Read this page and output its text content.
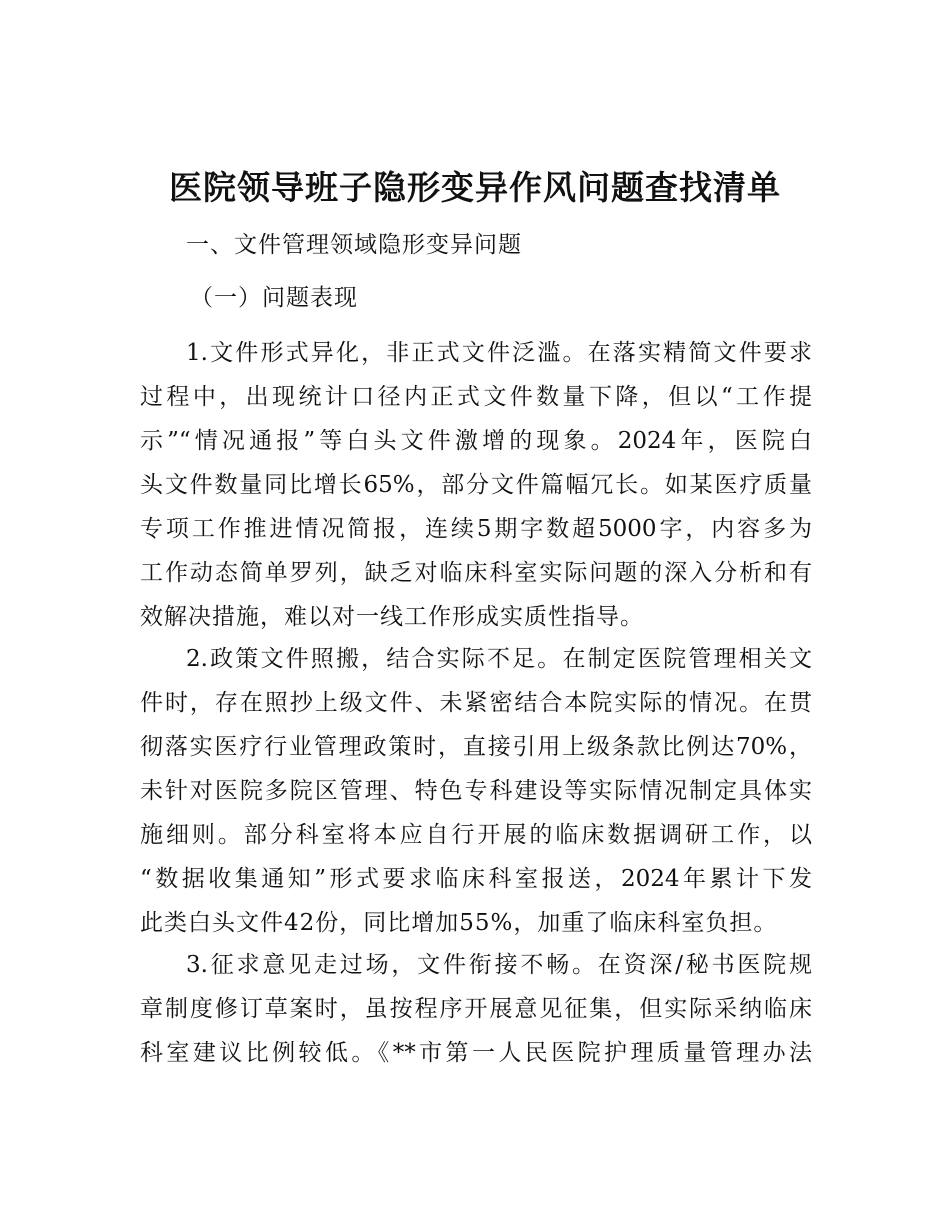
医院领导班子隐形变异作风问题查找清单

一、文件管理领域隐形变异问题

（一）问题表现

1.文件形式异化，非正式文件泛滥。在落实精简文件要求
过程中，出现统计口径内正式文件数量下降，但以“工作提
示”“情况通报”等白头文件激增的现象。2024年，医院白
头文件数量同比增长65%，部分文件篇幅冗长。如某医疗质量
专项工作推进情况简报，连续5期字数超5000字，内容多为
工作动态简单罗列，缺乏对临床科室实际问题的深入分析和有
效解决措施，难以对一线工作形成实质性指导。
2.政策文件照搬，结合实际不足。在制定医院管理相关文
件时，存在照抄上级文件、未紧密结合本院实际的情况。在贯
彻落实医疗行业管理政策时，直接引用上级条款比例达70%，
未针对医院多院区管理、特色专科建设等实际情况制定具体实
施细则。部分科室将本应自行开展的临床数据调研工作，以
“数据收集通知”形式要求临床科室报送，2024年累计下发
此类白头文件42份，同比增加55%，加重了临床科室负担。
3.征求意见走过场，文件衔接不畅。在资深/秘书医院规
章制度修订草案时，虽按程序开展意见征集，但实际采纳临床
科室建议比例较低。《**市第一人民医院护理质量管理办法
